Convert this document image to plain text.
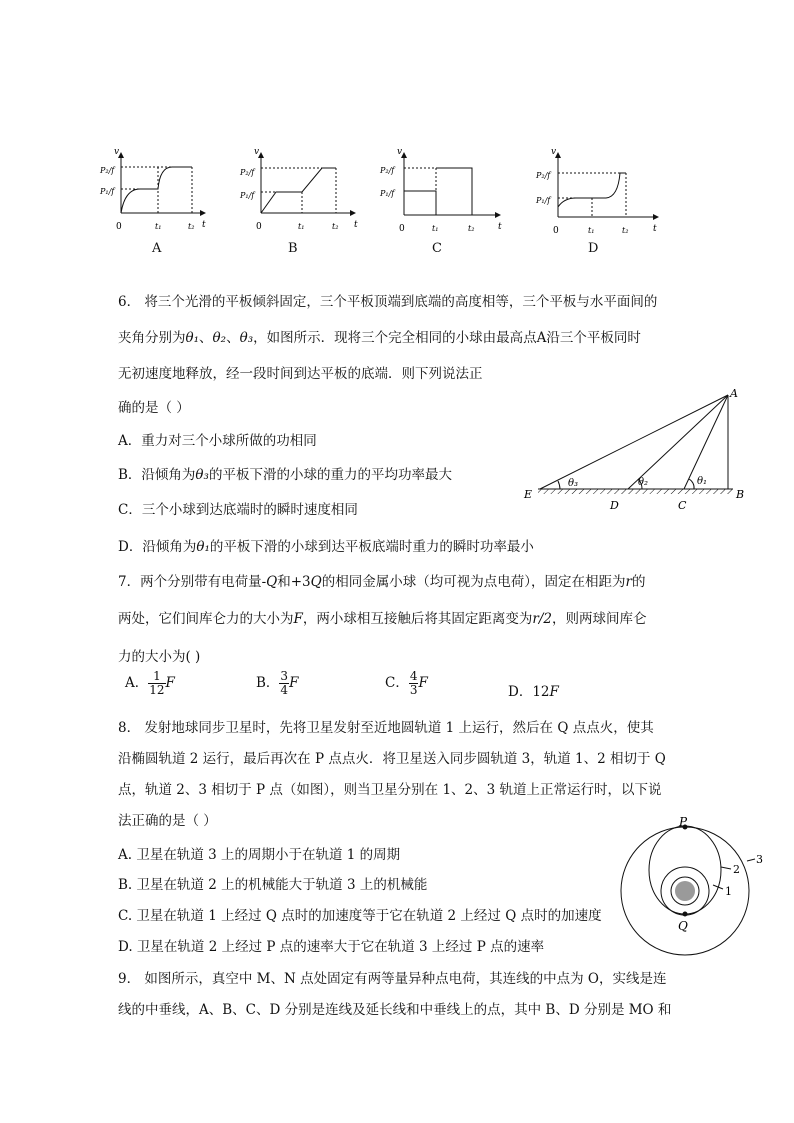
v
t
0
P₂/f
P₁/f
t₁	t₂
A
v
t
0
P₂/f
P₁/f
t₁	t₂
B
v
t
0
P₂/f
P₁/f
t₁	t₂
C
v
t
0
P₂/f
P₁/f
t₁	t₂
D
6． 将三个光滑的平板倾斜固定，三个平板顶端到底端的高度相等，三个平板与水平面间的
夹角分别为θ₁、θ₂、θ₃，如图所示．现将三个完全相同的小球由最高点A沿三个平板同时
无初速度地释放，经一段时间到达平板的底端．则下列说法正
确的是（ ）
A．重力对三个小球所做的功相同
B．沿倾角为θ₃的平板下滑的小球的重力的平均功率最大
C．三个小球到达底端时的瞬时速度相同
D．沿倾角为θ₁的平板下滑的小球到达平板底端时重力的瞬时功率最小
A
B
C
D
E
θ₃	θ₂	θ₁
7．两个分别带有电荷量-Q和+3Q的相同金属小球（均可视为点电荷），固定在相距为r的
两处，它们间库仑力的大小为F，两小球相互接触后将其固定距离变为r/2，则两球间库仑
力的大小为( )
A． $\frac{1}{12}$ F	B． $\frac{3}{4}$ F	C． $\frac{4}{3}$ F
D．12F
8． 发射地球同步卫星时，先将卫星发射至近地圆轨道 1 上运行，然后在 Q 点点火，使其
沿椭圆轨道 2 运行，最后再次在 P 点点火．将卫星送入同步圆轨道 3，轨道 1、2 相切于 Q
点，轨道 2、3 相切于 P 点（如图），则当卫星分别在 1、2、3 轨道上正常运行时，以下说
法正确的是（ ）
A. 卫星在轨道 3 上的周期小于在轨道 1 的周期
B. 卫星在轨道 2 上的机械能大于轨道 3 上的机械能
C. 卫星在轨道 1 上经过 Q 点时的加速度等于它在轨道 2 上经过 Q 点时的加速度
D. 卫星在轨道 2 上经过 P 点的速率大于它在轨道 3 上经过 P 点的速率
P
Q
1
2
3
9． 如图所示，真空中 M、N 点处固定有两等量异种点电荷，其连线的中点为 O，实线是连
线的中垂线，A、B、C、D 分别是连线及延长线和中垂线上的点，其中 B、D 分别是 MO 和
